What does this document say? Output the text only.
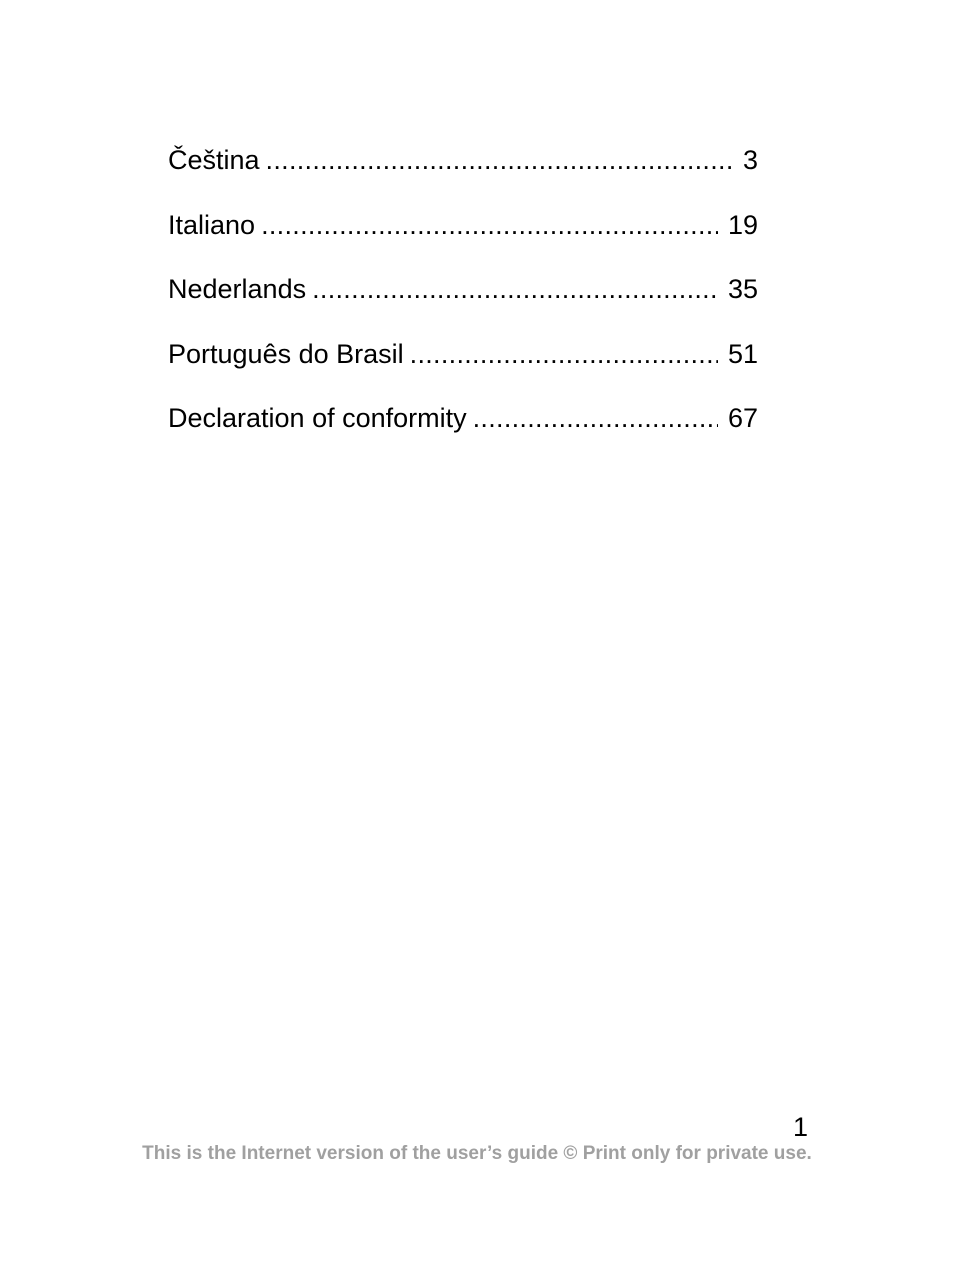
Čeština .....	3
Italiano .....	19
Nederlands .....	35
Português do Brasil .....	51
Declaration of conformity .....	67
1
This is the Internet version of the user’s guide © Print only for private use.
